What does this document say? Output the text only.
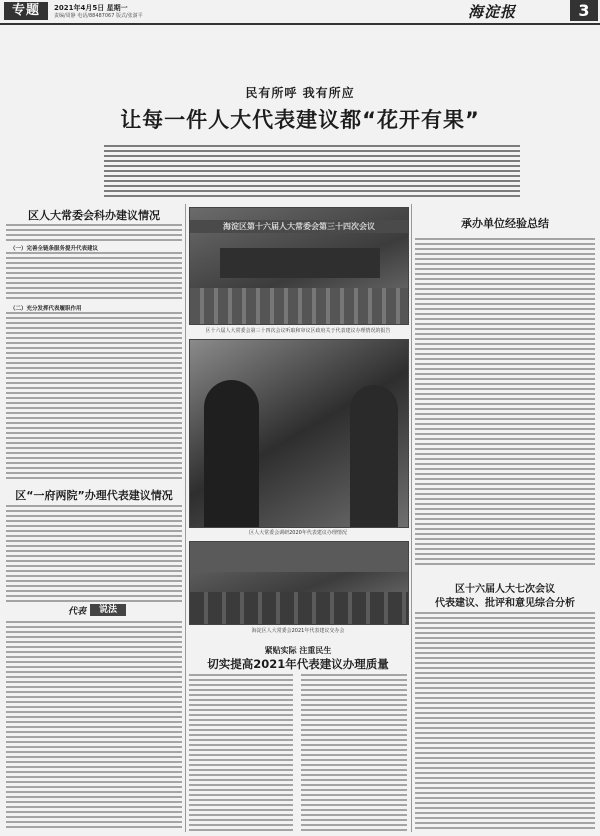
专题	2021年4月5日 星期一
责编/周静 电话/88487067 版式/张澍平	海淀报	3
民有所呼 我有所应
让每一件人大代表建议都“花开有果”
区人大常委会科办建议情况
（一）完善全链条服务提升代表建议
（二）充分发挥代表履职作用
区“一府两院”办理代表建议情况
代表	说法
海淀区第十六届人大常委会第三十四次会议
区十六届人大常委会第三十四次会议听取和审议区政府关于代表建议办理情况的报告
区人大常委会调研2020年代表建议办理情况
海淀区人大常委会2021年代表建议交办会
紧贴实际 注重民生
切实提高2021年代表建议办理质量
承办单位经验总结
区十六届人大七次会议
代表建议、批评和意见综合分析
